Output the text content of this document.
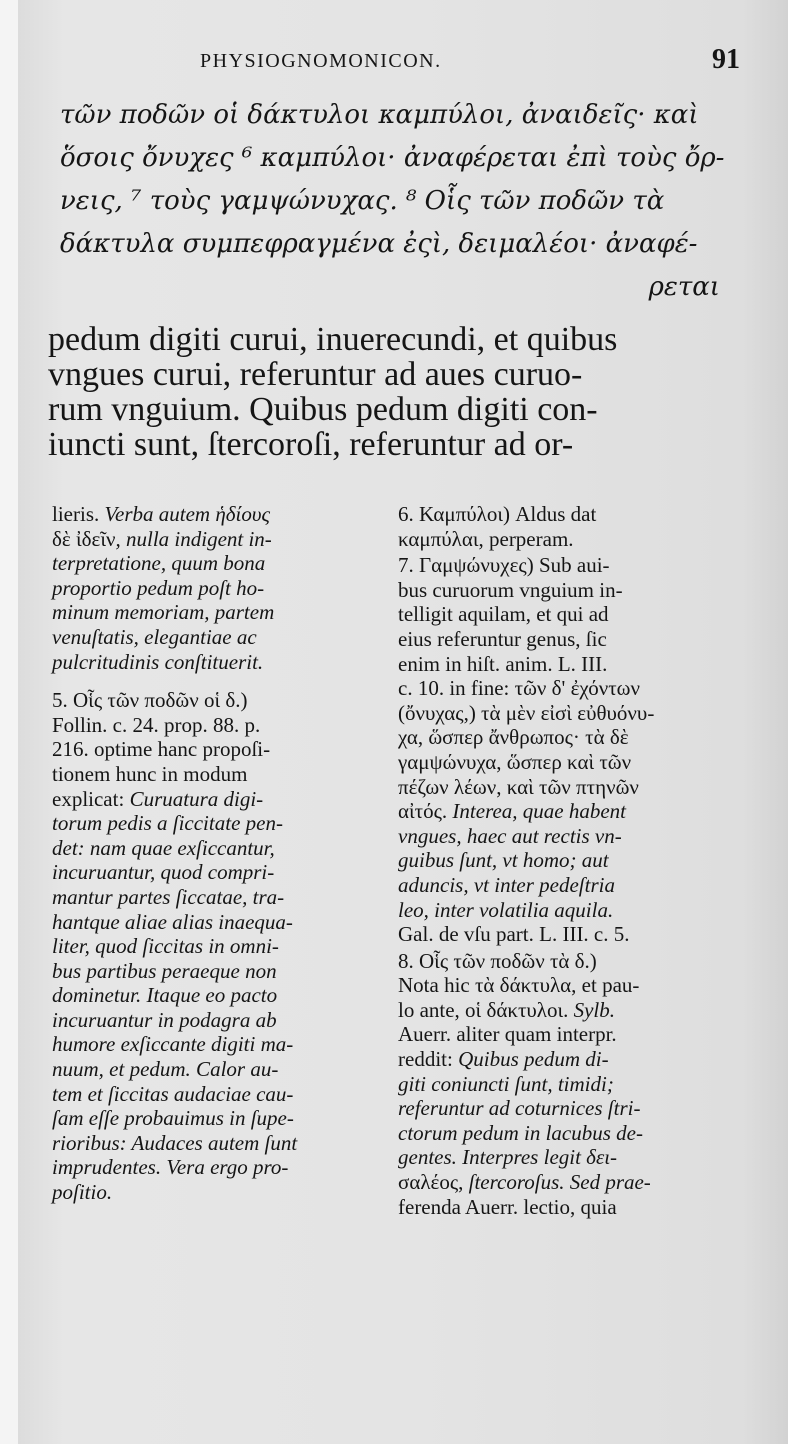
PHYSIOGNOMONICON.	91
τῶν ποδῶν οἱ δάκτυλοι καμπύλοι, ἀναιδεῖς· καὶ
ὅσοις ὄνυχες ⁶ καμπύλοι· ἀναφέρεται ἐπὶ τοὺς ὄρ-
νεις, ⁷ τοὺς γαμψώνυχας. ⁸ Οἷς τῶν ποδῶν τὰ
δάκτυλα συμπεφραγμένα ἐςὶ, δειμαλέοι· ἀναφέ-
ρεται
pedum digiti curui, inuerecundi, et quibus
vngues curui, referuntur ad aues curuo-
rum vnguium. Quibus pedum digiti con-
iuncti sunt, ſtercoroſi, referuntur ad or-
lieris. Verba autem ἡδίους
δὲ ἰδεῖν, nulla indigent in-
terpretatione, quum bona
proportio pedum poſt ho-
minum memoriam, partem
venuſtatis, elegantiae ac
pulcritudinis conſtituerit.
5. Οἷς τῶν ποδῶν οἱ δ.)
Follin. c. 24. prop. 88. p.
216. optime hanc propoſi-
tionem hunc in modum
explicat: Curuatura digi-
torum pedis a ſiccitate pen-
det: nam quae exſiccantur,
incuruantur, quod compri-
mantur partes ſiccatae, tra-
hantque aliae alias inaequa-
liter, quod ſiccitas in omni-
bus partibus peraeque non
dominetur. Itaque eo pacto
incuruantur in podagra ab
humore exſiccante digiti ma-
nuum, et pedum. Calor au-
tem et ſiccitas audaciae cau-
ſam eſſe probauimus in ſupe-
rioribus: Audaces autem ſunt
imprudentes. Vera ergo pro-
poſitio.
6. Καμπύλοι) Aldus dat
καμπύλαι, perperam.
7. Γαμψώνυχες) Sub aui-
bus curuorum vnguium in-
telligit aquilam, et qui ad
eius referuntur genus, ſic
enim in hiſt. anim. L. III.
c. 10. in fine: τῶν δ' ἐχόντων
(ὄνυχας,) τὰ μὲν εἰσὶ εὐθυόνυ-
χα, ὥσπερ ἄνθρωπος· τὰ δὲ
γαμψώνυχα, ὥσπερ καὶ τῶν
πέζων λέων, καὶ τῶν πτηνῶν
αἰτός. Interea, quae habent
vngues, haec aut rectis vn-
guibus ſunt, vt homo; aut
aduncis, vt inter pedeſtria
leo, inter volatilia aquila.
Gal. de vſu part. L. III. c. 5.
8. Οἷς τῶν ποδῶν τὰ δ.)
Nota hic τὰ δάκτυλα, et pau-
lo ante, οἱ δάκτυλοι. Sylb.
Auerr. aliter quam interpr.
reddit: Quibus pedum di-
giti coniuncti ſunt, timidi;
referuntur ad coturnices ſtri-
ctorum pedum in lacubus de-
gentes. Interpres legit δει-
σαλέος, ſtercoroſus. Sed prae-
ferenda Auerr. lectio, quia
